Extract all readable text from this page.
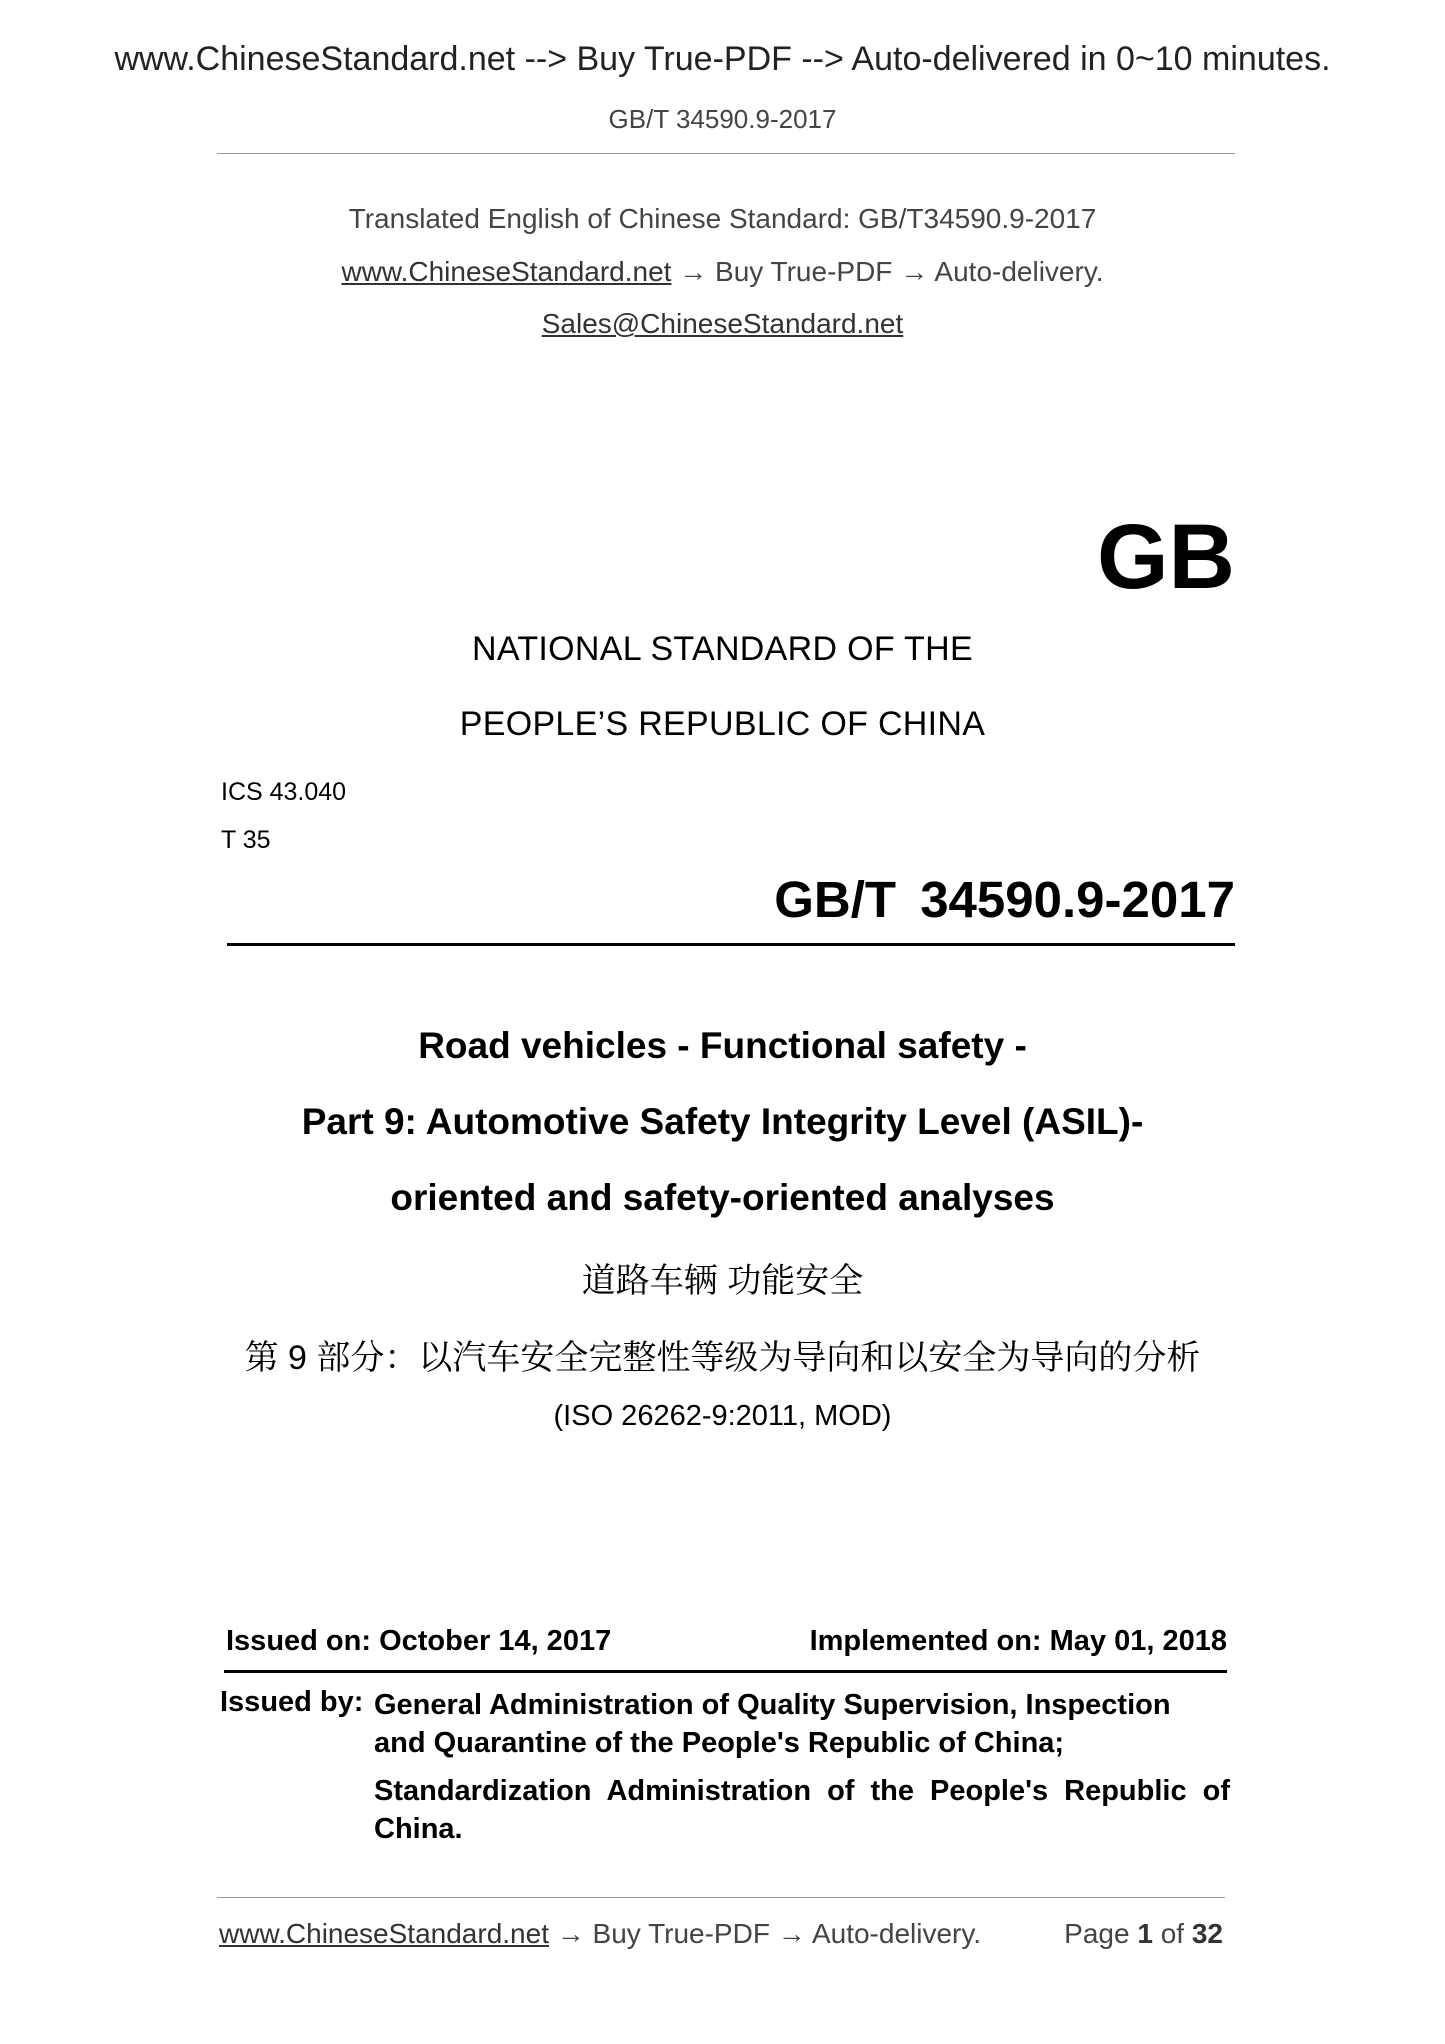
www.ChineseStandard.net --> Buy True-PDF --> Auto-delivered in 0~10 minutes.
GB/T 34590.9-2017
Translated English of Chinese Standard: GB/T34590.9-2017
www.ChineseStandard.net → Buy True-PDF → Auto-delivery.
Sales@ChineseStandard.net
GB
NATIONAL STANDARD OF THE
PEOPLE’S REPUBLIC OF CHINA
ICS 43.040
T 35
GB/T 34590.9-2017
Road vehicles - Functional safety -
Part 9: Automotive Safety Integrity Level (ASIL)-
oriented and safety-oriented analyses
道路车辆 功能安全
第 9 部分：以汽车安全完整性等级为导向和以安全为导向的分析
(ISO 26262-9:2011, MOD)
Issued on: October 14, 2017	Implemented on: May 01, 2018
Issued by: General Administration of Quality Supervision, Inspection and Quarantine of the People's Republic of China;
Standardization Administration of the People's Republic of China.
www.ChineseStandard.net → Buy True-PDF → Auto-delivery.	Page 1 of 32
